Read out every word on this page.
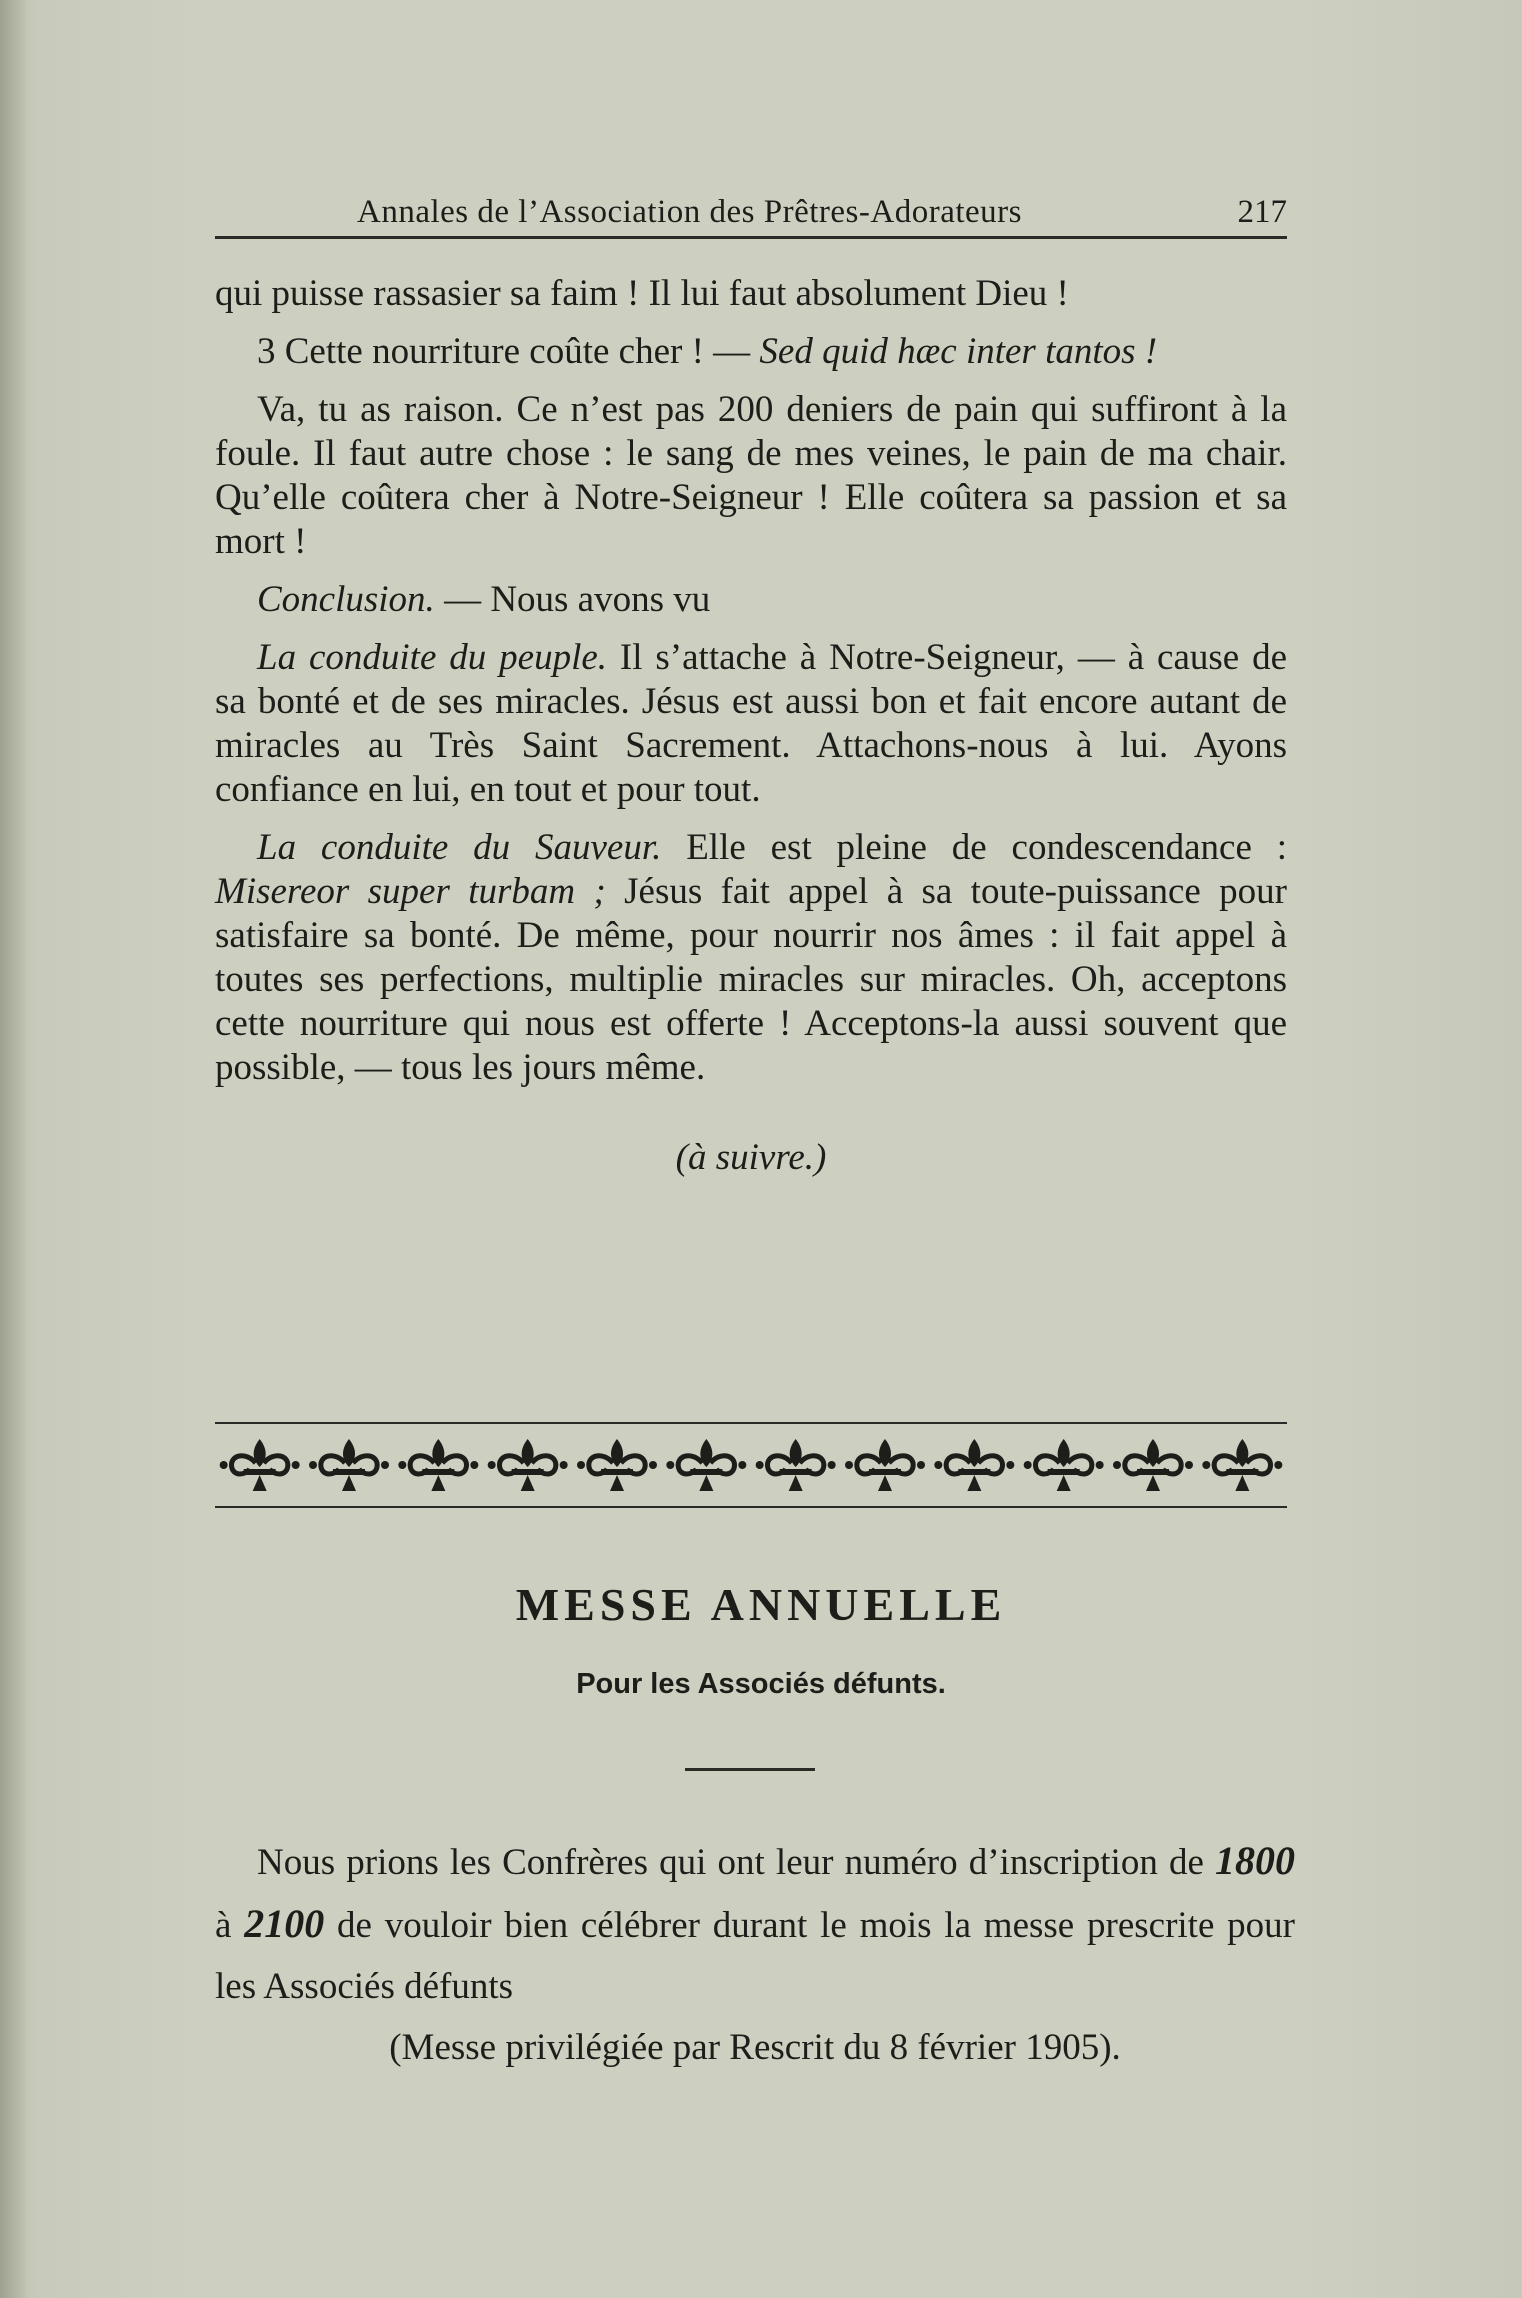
Annales de l’Association des Prêtres-Adorateurs	217

qui puisse rassasier sa faim ! Il lui faut absolument Dieu !

3 Cette nourriture coûte cher ! — Sed quid hæc inter tantos !

Va, tu as raison. Ce n’est pas 200 deniers de pain qui suffiront à la foule. Il faut autre chose : le sang de mes veines, le pain de ma chair. Qu’elle coûtera cher à Notre-Seigneur ! Elle coûtera sa passion et sa mort !

Conclusion. — Nous avons vu

La conduite du peuple. Il s’attache à Notre-Seigneur, — à cause de sa bonté et de ses miracles. Jésus est aussi bon et fait encore autant de miracles au Très Saint Sacrement. Attachons-nous à lui. Ayons confiance en lui, en tout et pour tout.

La conduite du Sauveur. Elle est pleine de condescendance : Misereor super turbam ; Jésus fait appel à sa toute-puissance pour satisfaire sa bonté. De même, pour nourrir nos âmes : il fait appel à toutes ses perfections, multiplie miracles sur miracles. Oh, acceptons cette nourriture qui nous est offerte ! Acceptons-la aussi souvent que possible, — tous les jours même.

(à suivre.)

MESSE ANNUELLE
Pour les Associés défunts.

Nous prions les Confrères qui ont leur numéro d’inscription de 1800 à 2100 de vouloir bien célébrer durant le mois la messe prescrite pour les Associés défunts

(Messe privilégiée par Rescrit du 8 février 1905).
